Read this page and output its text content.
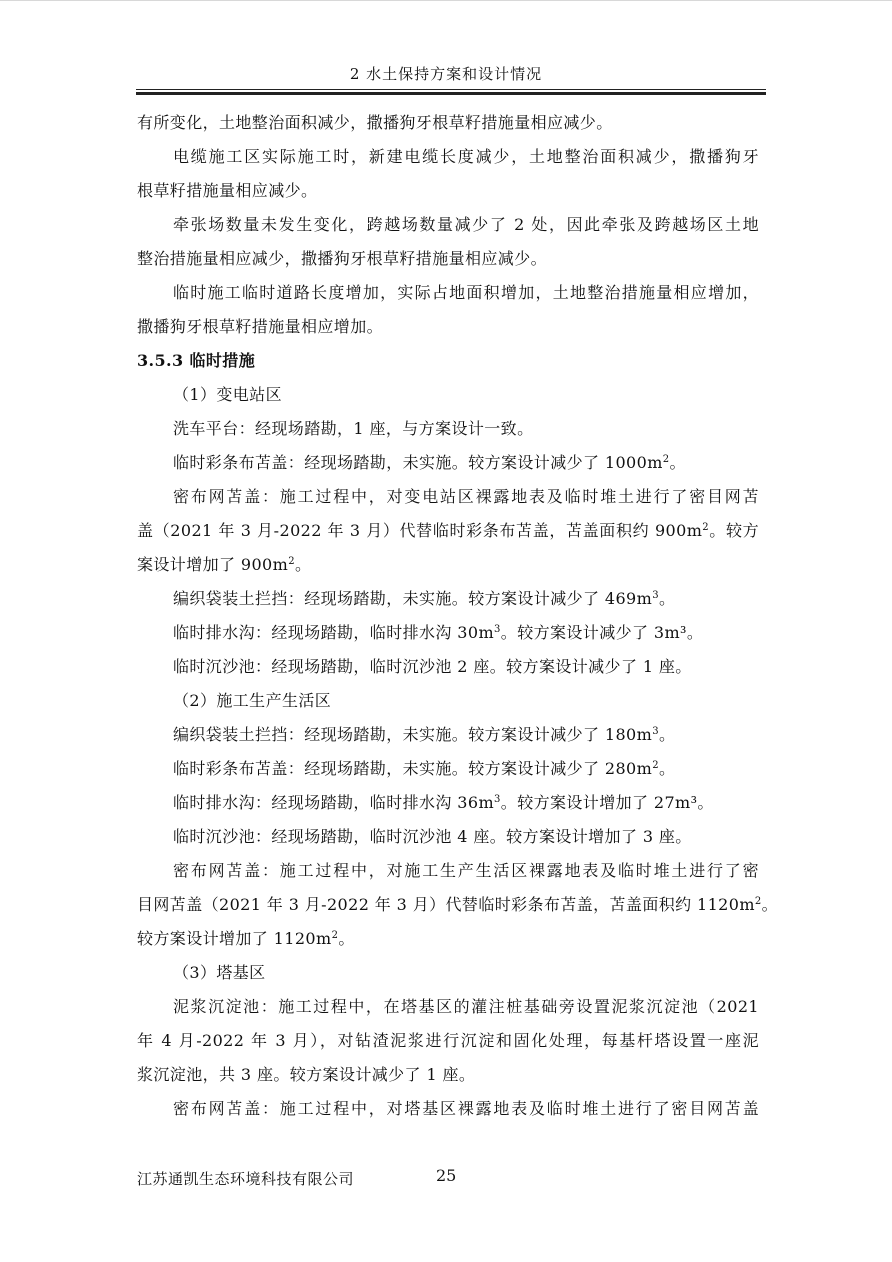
2 水土保持方案和设计情况
有所变化，土地整治面积减少，撒播狗牙根草籽措施量相应减少。
电缆施工区实际施工时，新建电缆长度减少，土地整治面积减少，撒播狗牙
根草籽措施量相应减少。
牵张场数量未发生变化，跨越场数量减少了 2 处，因此牵张及跨越场区土地
整治措施量相应减少，撒播狗牙根草籽措施量相应减少。
临时施工临时道路长度增加，实际占地面积增加，土地整治措施量相应增加，
撒播狗牙根草籽措施量相应增加。
3.5.3 临时措施
（1）变电站区
洗车平台：经现场踏勘，1 座，与方案设计一致。
临时彩条布苫盖：经现场踏勘，未实施。较方案设计减少了 $1000m^2$。
密布网苫盖：施工过程中，对变电站区裸露地表及临时堆土进行了密目网苫
盖（2021 年 3 月-2022 年 3 月）代替临时彩条布苫盖，苫盖面积约 $900m^2$。较方
案设计增加了 $900m^2$。
编织袋装土拦挡：经现场踏勘，未实施。较方案设计减少了 $469m^3$。
临时排水沟：经现场踏勘，临时排水沟 $30m^3$。较方案设计减少了 3m³。
临时沉沙池：经现场踏勘，临时沉沙池 2 座。较方案设计减少了 1 座。
（2）施工生产生活区
编织袋装土拦挡：经现场踏勘，未实施。较方案设计减少了 $180m^3$。
临时彩条布苫盖：经现场踏勘，未实施。较方案设计减少了 $280m^2$。
临时排水沟：经现场踏勘，临时排水沟 $36m^3$。较方案设计增加了 27m³。
临时沉沙池：经现场踏勘，临时沉沙池 4 座。较方案设计增加了 3 座。
密布网苫盖：施工过程中，对施工生产生活区裸露地表及临时堆土进行了密
目网苫盖（2021 年 3 月-2022 年 3 月）代替临时彩条布苫盖，苫盖面积约 $1120m^2$。
较方案设计增加了 $1120m^2$。
（3）塔基区
泥浆沉淀池：施工过程中，在塔基区的灌注桩基础旁设置泥浆沉淀池（2021
年 4 月-2022 年 3 月），对钻渣泥浆进行沉淀和固化处理，每基杆塔设置一座泥
浆沉淀池，共 3 座。较方案设计减少了 1 座。
密布网苫盖：施工过程中，对塔基区裸露地表及临时堆土进行了密目网苫盖
江苏通凯生态环境科技有限公司	25
